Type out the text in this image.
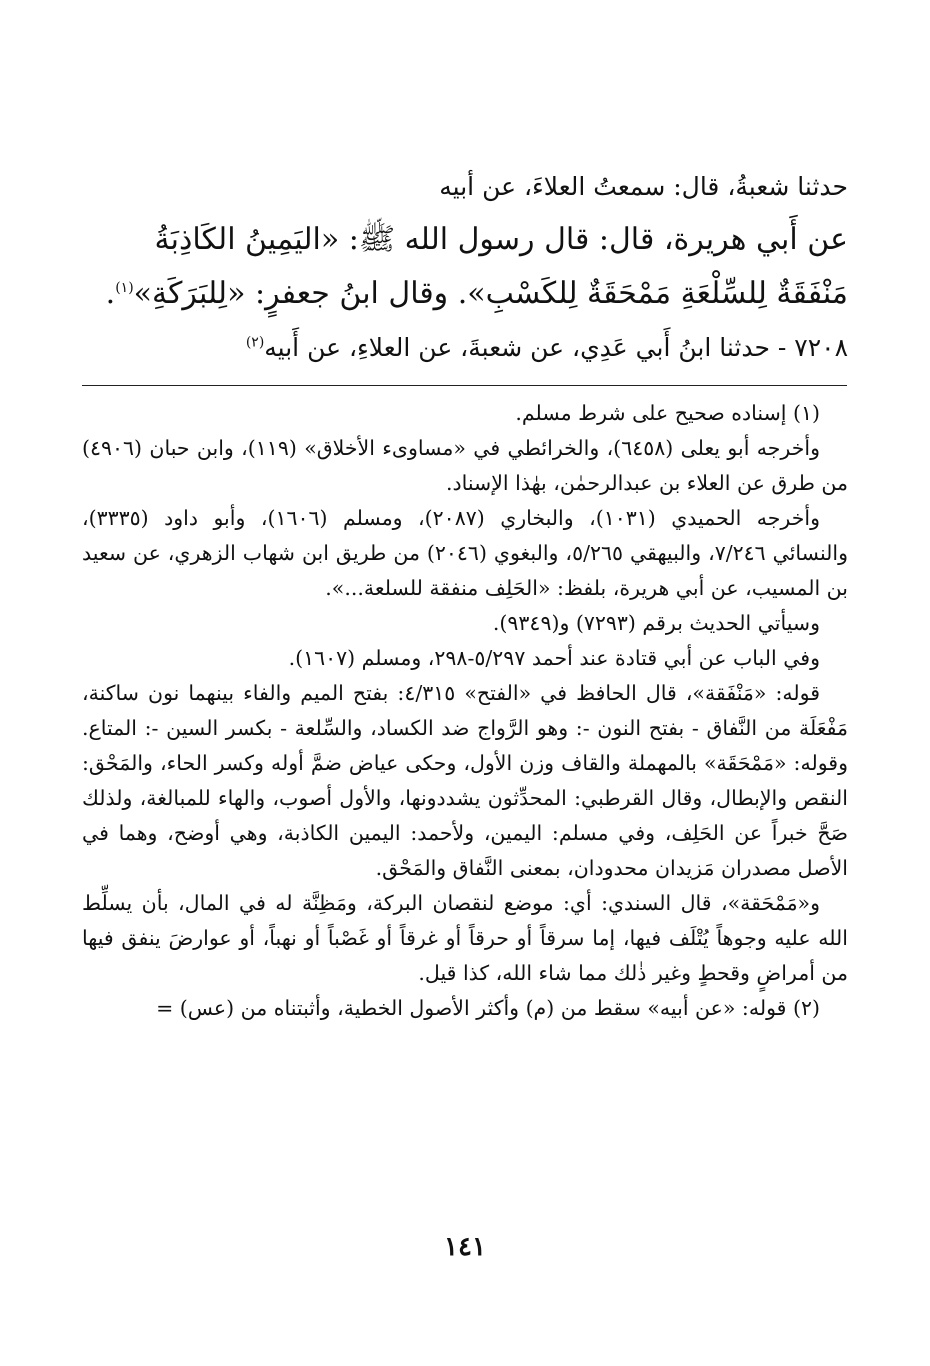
حدثنا شعبةُ، قال: سمعتُ العلاءَ، عن أبيه

عن أَبي هريرة، قال: قال رسول الله ﷺ: «اليَمِينُ الكَاذِبَةُ

مَنْفَقَةٌ لِلسِّلْعَةِ مَمْحَقَةٌ لِلكَسْبِ». وقال ابنُ جعفرٍ: «لِلبَرَكَةِ»$^{(١)}$.

٧٢٠٨ - حدثنا ابنُ أَبي عَدِي، عن شعبةَ، عن العلاءِ، عن أَبيه$^{(٢)}$

(١) إسناده صحيح على شرط مسلم.

وأخرجه أبو يعلى (٦٤٥٨)، والخرائطي في «مساوىء الأخلاق» (١١٩)، وابن حبان (٤٩٠٦) من طرق عن العلاء بن عبدالرحمٰن، بهٰذا الإسناد.

وأخرجه الحميدي (١٠٣١)، والبخاري (٢٠٨٧)، ومسلم (١٦٠٦)، وأبو داود (٣٣٣٥)، والنسائي ٧/٢٤٦، والبيهقي ٥/٢٦٥، والبغوي (٢٠٤٦) من طريق ابن شهاب الزهري، عن سعيد بن المسيب، عن أبي هريرة، بلفظ: «الحَلِف منفقة للسلعة...».

وسيأتي الحديث برقم (٧٢٩٣) و(٩٣٤٩).

وفي الباب عن أبي قتادة عند أحمد ٥/٢٩٧-٢٩٨، ومسلم (١٦٠٧).

قوله: «مَنْفَقة»، قال الحافظ في «الفتح» ٤/٣١٥: بفتح الميم والفاء بينهما نون ساكنة، مَفْعَلَة من النَّفاق - بفتح النون -: وهو الرَّواج ضد الكساد، والسِّلعة - بكسر السين -: المتاع. وقوله: «مَمْحَقَة» بالمهملة والقاف وزن الأول، وحكى عياض ضمَّ أوله وكسر الحاء، والمَحْق: النقص والإبطال، وقال القرطبي: المحدِّثون يشددونها، والأول أصوب، والهاء للمبالغة، ولذلك صَحَّ خبراً عن الحَلِف، وفي مسلم: اليمين، ولأحمد: اليمين الكاذبة، وهي أوضح، وهما في الأصل مصدران مَزيدان محدودان، بمعنى النَّفاق والمَحْق.

و«مَمْحَقة»، قال السندي: أي: موضع لنقصان البركة، ومَظِنَّة له في المال، بأن يسلِّط الله عليه وجوهاً يُتْلَف فيها، إما سرقاً أو حرقاً أو غرقاً أو غَصْباً أو نهباً، أو عوارضَ ينفق فيها من أمراضٍ وقحطٍ وغير ذٰلك مما شاء الله، كذا قيل.

(٢) قوله: «عن أبيه» سقط من (م) وأكثر الأصول الخطية، وأثبتناه من (عس) =

١٤١
